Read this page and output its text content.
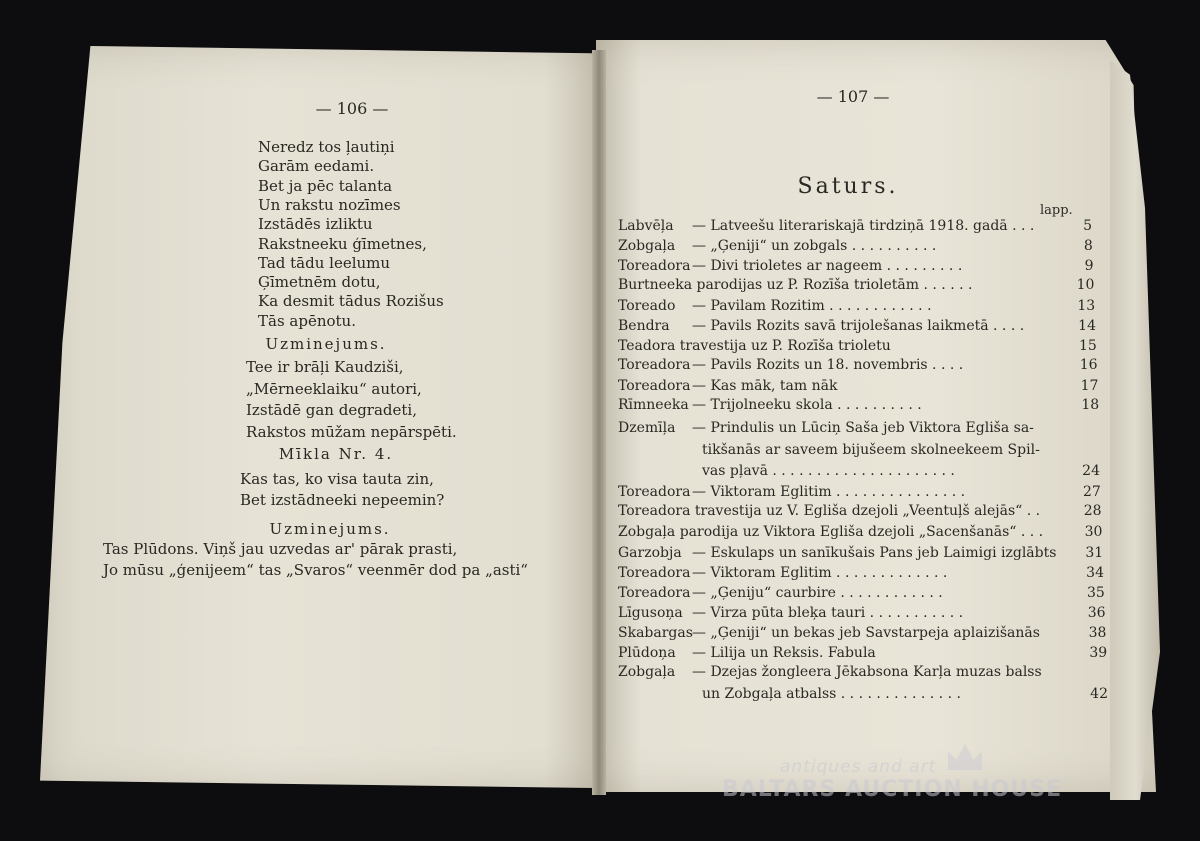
— 106 —
Neredz tos ļautiņi
Garām eedami.
Bet ja pēc talanta
Un rakstu nozīmes
Izstādēs izliktu
Rakstneeku ģīmetnes,
Tad tādu leelumu
Ģīmetnēm dotu,
Ka desmit tādus Rozišus
Tās apēnotu.
Uzminejums.
Tee ir brāļi Kaudziši,
„Mērneeklaiku“ autori,
Izstādē gan degradeti,
Rakstos mūžam nepārspēti.
Mīkla Nr. 4.
Kas tas, ko visa tauta zin,
Bet izstādneeki nepeemin?
Uzminejums.
Tas Plūdons. Viņš jau uzvedas ar' pārak prasti,
Jo mūsu „ģenijeem“ tas „Svaros“ veenmēr dod pa „asti“
— 107 —
Saturs.
lapp.
Labvēļa — Latveešu literariskajā tirdziņā 1918. gadā . . .	5
Zobgaļa — „Ģeniji“ un zobgals . . . . . . . . . .	8
Toreadora — Divi trioletes ar nageem . . . . . . . . .	9
Burtneeka parodijas uz P. Rozīša trioletām . . . . . .	10
Toreado — Pavilam Rozitim . . . . . . . . . . . .	13
Bendra — Pavils Rozits savā trijolešanas laikmetā . . . .	14
Teadora travestija uz P. Rozīša trioletu	15
Toreadora — Pavils Rozits un 18. novembris . . . .	16
Toreadora — Kas māk, tam nāk	17
Rīmneeka — Trijolneeku skola . . . . . . . . . .	18
Dzemīļa — Prindulis un Lūciņ Saša jeb Viktora Egliša sa-
tikšanās ar saveem bijušeem skolneekeem Spil-
vas pļavā . . . . . . . . . . . . . . . . . . . . .	24
Toreadora — Viktoram Eglitim . . . . . . . . . . . . . . .	27
Toreadora travestija uz V. Egliša dzejoli „Veentuļš alejās“ . .	28
Zobgaļa parodija uz Viktora Egliša dzejoli „Sacenšanās“ . . .	30
Garzobja — Eskulaps un sanīkušais Pans jeb Laimigi izglābts	31
Toreadora — Viktoram Eglitim . . . . . . . . . . . . .	34
Toreadora — „Ģeniju“ caurbire . . . . . . . . . . . .	35
Līgusoņa — Virza pūta bleķa tauri . . . . . . . . . . .	36
Skabargas — „Ģeniji“ un bekas jeb Savstarpeja aplaizišanās	38
Plūdoņa — Lilija un Reksis. Fabula	39
Zobgaļa — Dzejas žongleera Jēkabsona Karļa muzas balss
un Zobgaļa atbalss . . . . . . . . . . . . . .	42
antiques and art
BALTARS AUCTION HOUSE
